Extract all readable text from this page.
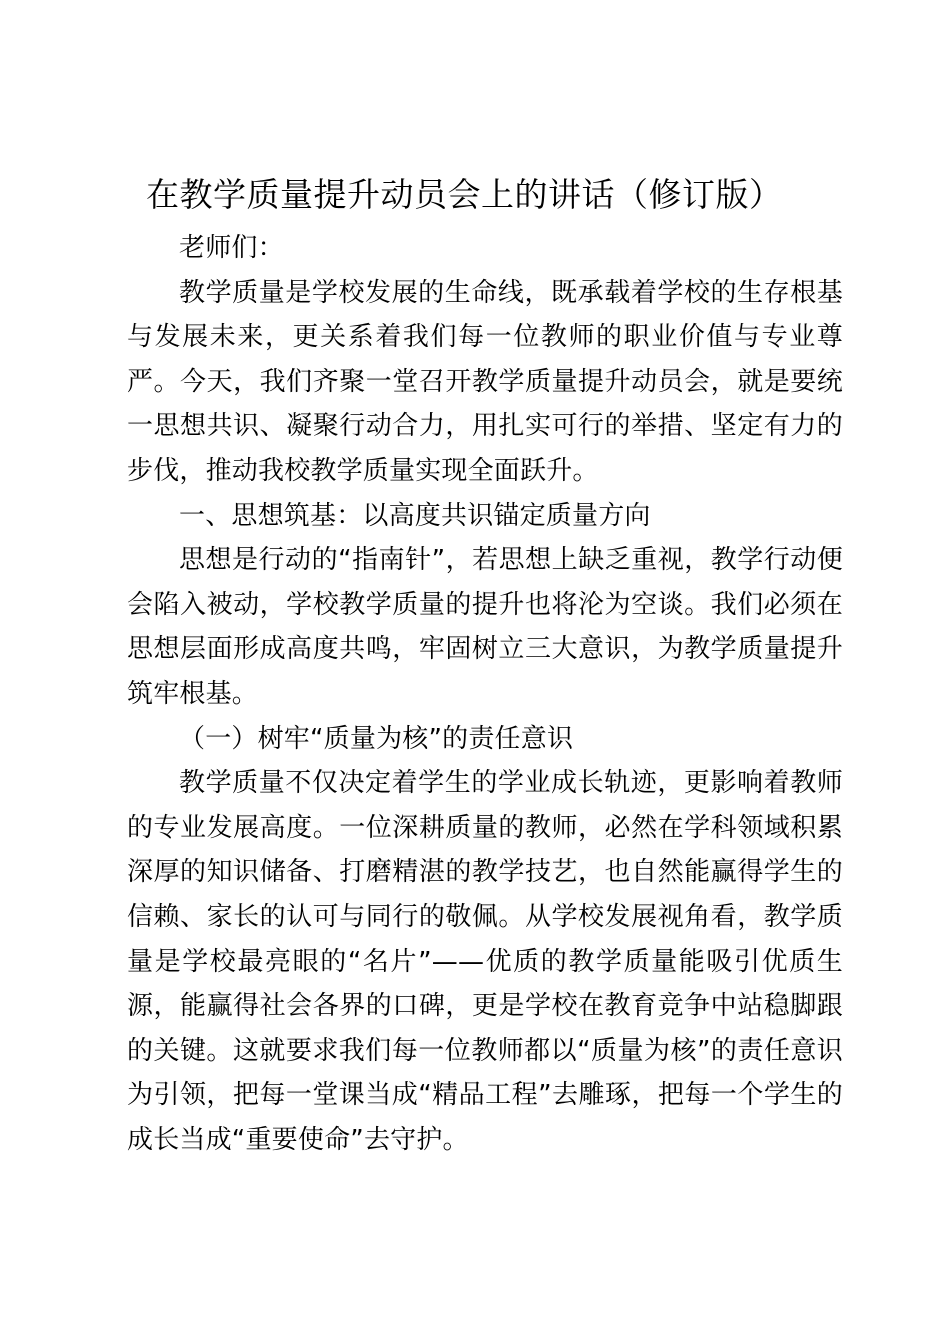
在教学质量提升动员会上的讲话（修订版）

老师们：

教学质量是学校发展的生命线，既承载着学校的生存根基与发展未来，更关系着我们每一位教师的职业价值与专业尊严。今天，我们齐聚一堂召开教学质量提升动员会，就是要统一思想共识、凝聚行动合力，用扎实可行的举措、坚定有力的步伐，推动我校教学质量实现全面跃升。

一、思想筑基：以高度共识锚定质量方向

思想是行动的“指南针”，若思想上缺乏重视，教学行动便会陷入被动，学校教学质量的提升也将沦为空谈。我们必须在思想层面形成高度共鸣，牢固树立三大意识，为教学质量提升筑牢根基。

（一）树牢“质量为核”的责任意识

教学质量不仅决定着学生的学业成长轨迹，更影响着教师的专业发展高度。一位深耕质量的教师，必然在学科领域积累深厚的知识储备、打磨精湛的教学技艺，也自然能赢得学生的信赖、家长的认可与同行的敬佩。从学校发展视角看，教学质量是学校最亮眼的“名片”——优质的教学质量能吸引优质生源，能赢得社会各界的口碑，更是学校在教育竞争中站稳脚跟的关键。这就要求我们每一位教师都以“质量为核”的责任意识为引领，把每一堂课当成“精品工程”去雕琢，把每一个学生的成长当成“重要使命”去守护。
